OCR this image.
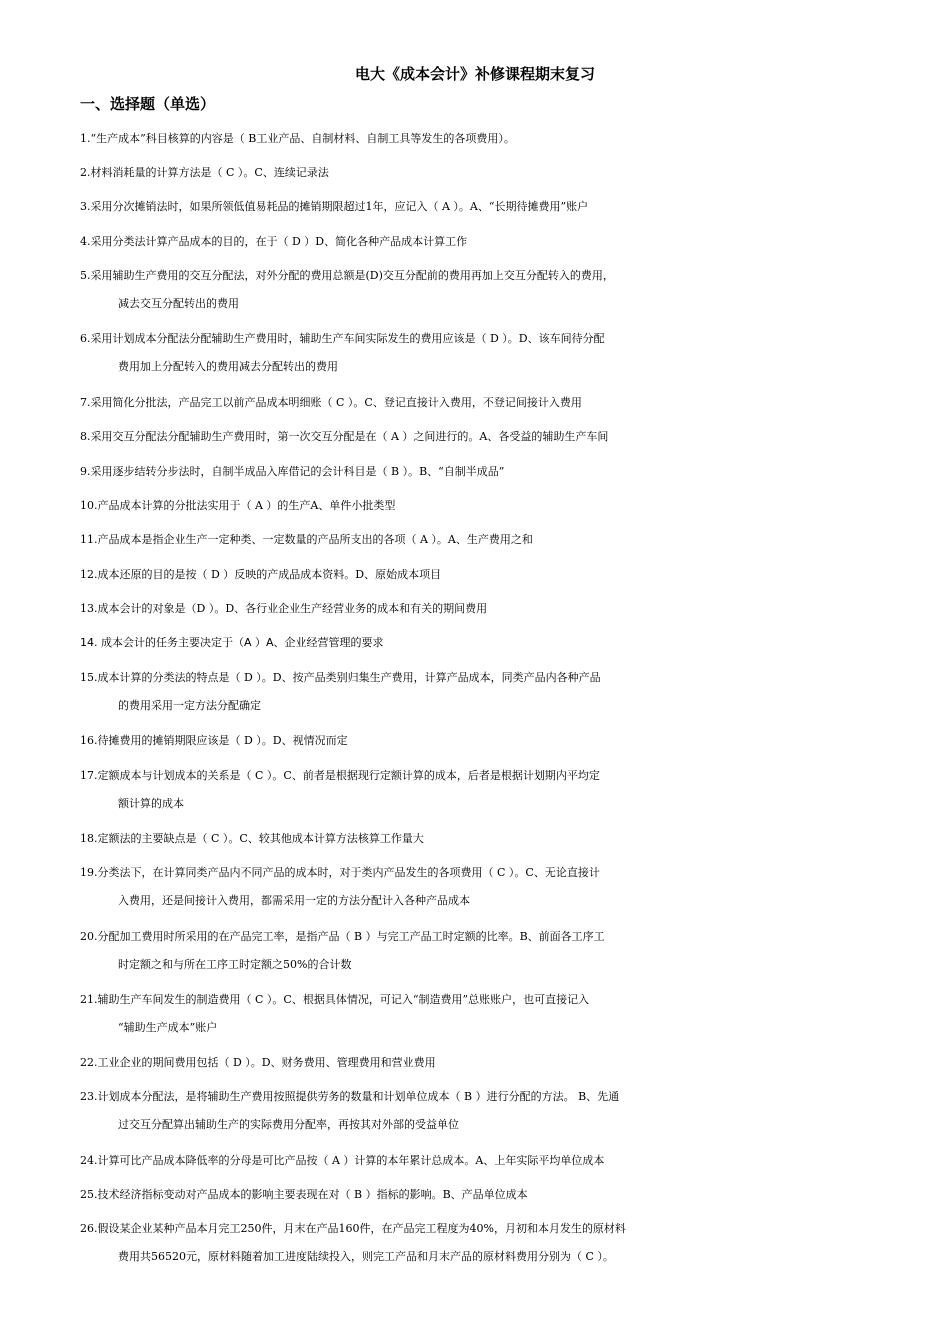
电大《成本会计》补修课程期末复习
一、选择题（单选）
1.“生产成本”科目核算的内容是（ B工业产品、自制材料、自制工具等发生的各项费用）。
2.材料消耗量的计算方法是（ C ）。C、连续记录法
3.采用分次摊销法时，如果所领低值易耗品的摊销期限超过1年，应记入（ A ）。A、“长期待摊费用”账户
4.采用分类法计算产品成本的目的，在于（ D ）D、简化各种产品成本计算工作
5.采用辅助生产费用的交互分配法，对外分配的费用总额是(D)交互分配前的费用再加上交互分配转入的费用，
减去交互分配转出的费用
6.采用计划成本分配法分配辅助生产费用时，辅助生产车间实际发生的费用应该是（ D ）。D、该车间待分配
费用加上分配转入的费用减去分配转出的费用
7.采用简化分批法，产品完工以前产品成本明细账（ C ）。C、登记直接计入费用，不登记间接计入费用
8.采用交互分配法分配辅助生产费用时，第一次交互分配是在（ A ）之间进行的。A、各受益的辅助生产车间
9.采用逐步结转分步法时，自制半成品入库借记的会计科目是（ B ）。B、“自制半成品”
10.产品成本计算的分批法实用于（ A ）的生产A、单件小批类型
11.产品成本是指企业生产一定种类、一定数量的产品所支出的各项（ A ）。A、生产费用之和
12.成本还原的目的是按（ D ）反映的产成品成本资料。D、原始成本项目
13.成本会计的对象是（D ）。D、各行业企业生产经营业务的成本和有关的期间费用
14. 成本会计的任务主要决定于（A ）A、企业经营管理的要求
15.成本计算的分类法的特点是（ D ）。D、按产品类别归集生产费用，计算产品成本，同类产品内各种产品
的费用采用一定方法分配确定
16.待摊费用的摊销期限应该是（ D ）。D、视情况而定
17.定额成本与计划成本的关系是（ C ）。C、前者是根据现行定额计算的成本，后者是根据计划期内平均定
额计算的成本
18.定额法的主要缺点是（ C ）。C、较其他成本计算方法核算工作量大
19.分类法下，在计算同类产品内不同产品的成本时，对于类内产品发生的各项费用（ C ）。C、无论直接计
入费用，还是间接计入费用，都需采用一定的方法分配计入各种产品成本
20.分配加工费用时所采用的在产品完工率，是指产品（ B ）与完工产品工时定额的比率。B、前面各工序工
时定额之和与所在工序工时定额之50%的合计数
21.辅助生产车间发生的制造费用（ C ）。C、根据具体情况，可记入“制造费用”总账账户，也可直接记入
“辅助生产成本”账户
22.工业企业的期间费用包括（ D ）。D、财务费用、管理费用和营业费用
23.计划成本分配法，是将辅助生产费用按照提供劳务的数量和计划单位成本（ B ）进行分配的方法。 B、先通
过交互分配算出辅助生产的实际费用分配率，再按其对外部的受益单位
24.计算可比产品成本降低率的分母是可比产品按（ A ）计算的本年累计总成本。A、上年实际平均单位成本
25.技术经济指标变动对产品成本的影响主要表现在对（ B ）指标的影响。B、产品单位成本
26.假设某企业某种产品本月完工250件，月末在产品160件，在产品完工程度为40%，月初和本月发生的原材料
费用共56520元，原材料随着加工进度陆续投入，则完工产品和月末产品的原材料费用分别为（ C ）。
